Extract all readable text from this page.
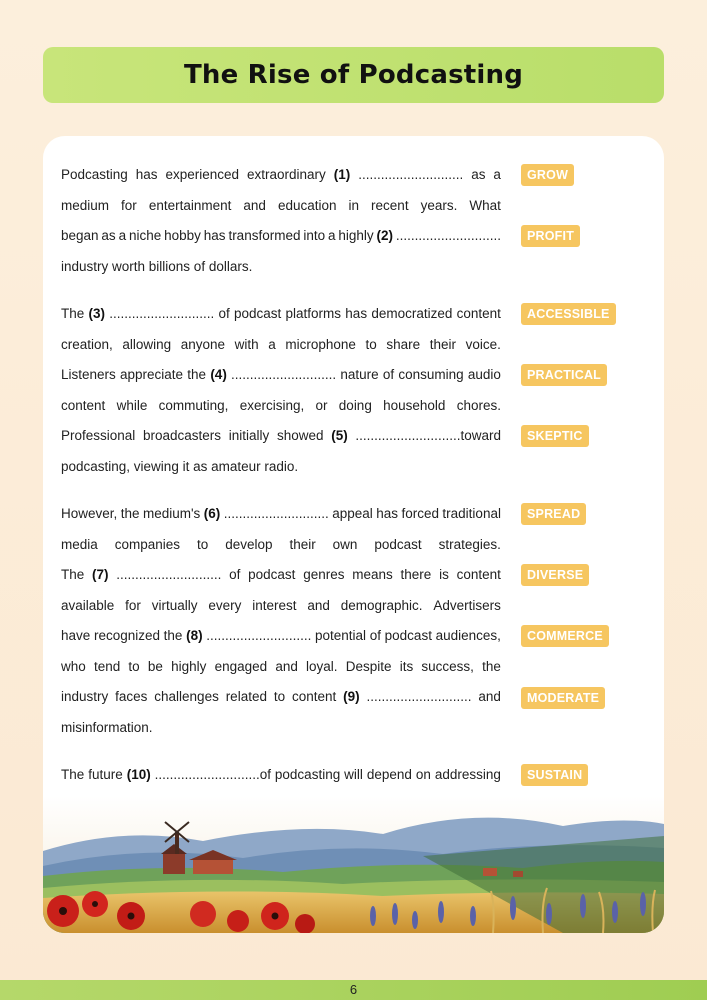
The Rise of Podcasting
Podcasting has experienced extraordinary (1) ............................ as a
medium for entertainment and education in recent years. What
began as a niche hobby has transformed into a highly (2) ............................
industry worth billions of dollars.
The (3) ............................ of podcast platforms has democratized content
creation, allowing anyone with a microphone to share their voice.
Listeners appreciate the (4) ............................ nature of consuming audio
content while commuting, exercising, or doing household chores.
Professional broadcasters initially showed (5) ............................toward
podcasting, viewing it as amateur radio.
However, the medium's (6) ............................ appeal has forced traditional
media companies to develop their own podcast strategies.
The (7) ............................ of podcast genres means there is content
available for virtually every interest and demographic. Advertisers
have recognized the (8) ............................ potential of podcast audiences,
who tend to be highly engaged and loyal. Despite its success, the
industry faces challenges related to content (9) ............................ and
misinformation.
The future (10) ............................of podcasting will depend on addressing
GROW
PROFIT
ACCESSIBLE
PRACTICAL
SKEPTIC
SPREAD
DIVERSE
COMMERCE
MODERATE
SUSTAIN
6
